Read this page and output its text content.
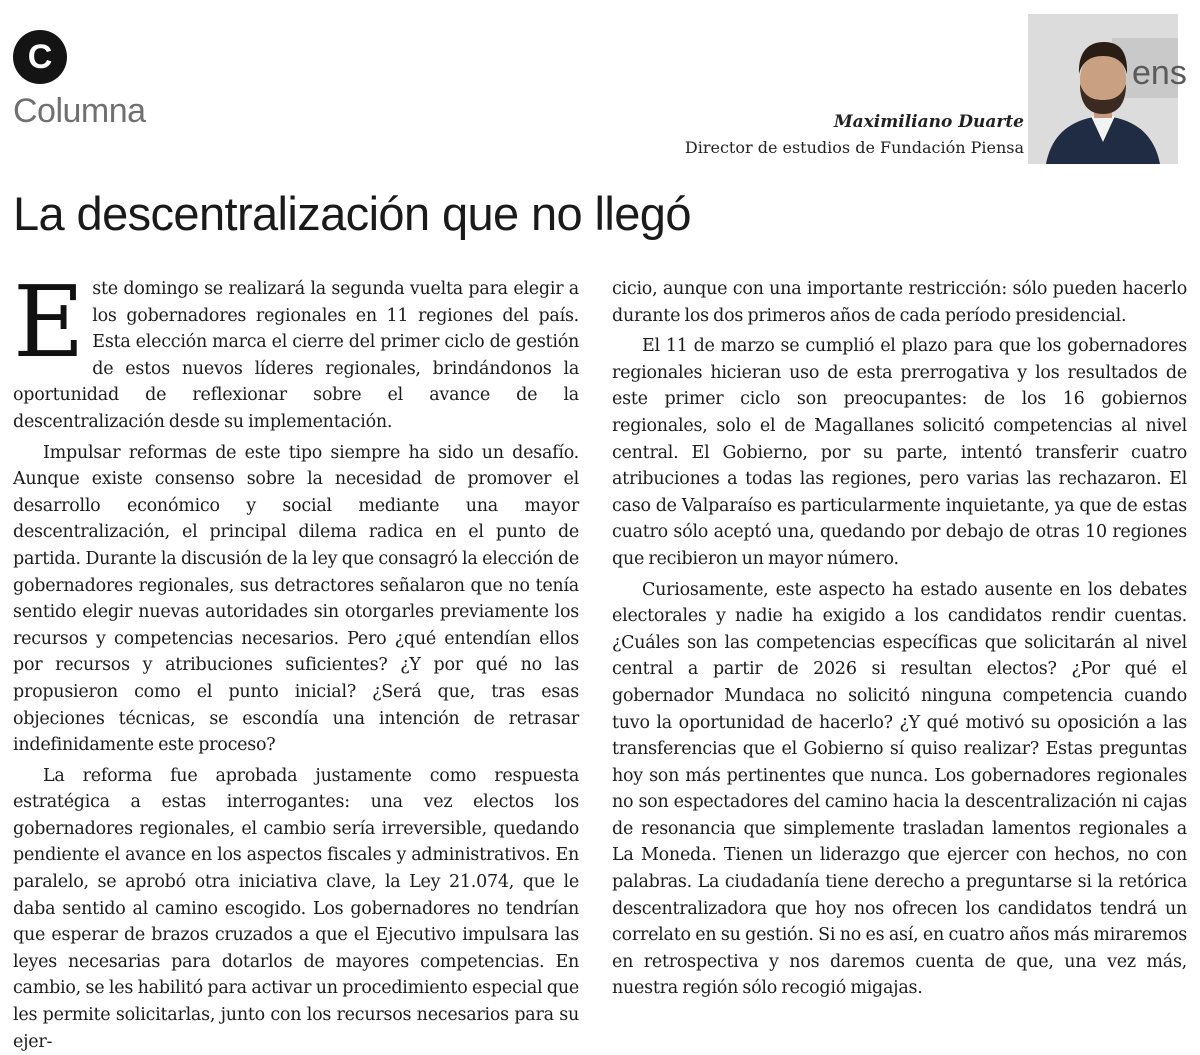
C
Columna	Maximiliano Duarte
Director de estudios de Fundación Piensa
ens
La descentralización que no llegó

Este domingo se realizará la segunda vuelta para elegir a los gobernadores regionales en 11 regiones del país. Esta elección marca el cierre del primer ciclo de gestión de estos nuevos líderes regionales, brindándonos la oportunidad de reflexionar sobre el avance de la descentralización desde su implementación.

Impulsar reformas de este tipo siempre ha sido un desafío. Aunque existe consenso sobre la necesidad de promover el desarrollo económico y social mediante una mayor descentralización, el principal dilema radica en el punto de partida. Durante la discusión de la ley que consagró la elección de gobernadores regionales, sus detractores señalaron que no tenía sentido elegir nuevas autoridades sin otorgarles previamente los recursos y competencias necesarios. Pero ¿qué entendían ellos por recursos y atribuciones suficientes? ¿Y por qué no las propusieron como el punto inicial? ¿Será que, tras esas objeciones técnicas, se escondía una intención de retrasar indefinidamente este proceso?

La reforma fue aprobada justamente como respuesta estratégica a estas interrogantes: una vez electos los gobernadores regionales, el cambio sería irreversible, quedando pendiente el avance en los aspectos fiscales y administrativos. En paralelo, se aprobó otra iniciativa clave, la Ley 21.074, que le daba sentido al camino escogido. Los gobernadores no tendrían que esperar de brazos cruzados a que el Ejecutivo impulsara las leyes necesarias para dotarlos de mayores competencias. En cambio, se les habilitó para activar un procedimiento especial que les permite solicitarlas, junto con los recursos necesarios para su ejer-

cicio, aunque con una importante restricción: sólo pueden hacerlo durante los dos primeros años de cada período presidencial.

El 11 de marzo se cumplió el plazo para que los gobernadores regionales hicieran uso de esta prerrogativa y los resultados de este primer ciclo son preocupantes: de los 16 gobiernos regionales, solo el de Magallanes solicitó competencias al nivel central. El Gobierno, por su parte, intentó transferir cuatro atribuciones a todas las regiones, pero varias las rechazaron. El caso de Valparaíso es particularmente inquietante, ya que de estas cuatro sólo aceptó una, quedando por debajo de otras 10 regiones que recibieron un mayor número.

Curiosamente, este aspecto ha estado ausente en los debates electorales y nadie ha exigido a los candidatos rendir cuentas. ¿Cuáles son las competencias específicas que solicitarán al nivel central a partir de 2026 si resultan electos? ¿Por qué el gobernador Mundaca no solicitó ninguna competencia cuando tuvo la oportunidad de hacerlo? ¿Y qué motivó su oposición a las transferencias que el Gobierno sí quiso realizar? Estas preguntas hoy son más pertinentes que nunca. Los gobernadores regionales no son espectadores del camino hacia la descentralización ni cajas de resonancia que simplemente trasladan lamentos regionales a La Moneda. Tienen un liderazgo que ejercer con hechos, no con palabras. La ciudadanía tiene derecho a preguntarse si la retórica descentralizadora que hoy nos ofrecen los candidatos tendrá un correlato en su gestión. Si no es así, en cuatro años más miraremos en retrospectiva y nos daremos cuenta de que, una vez más, nuestra región sólo recogió migajas.
